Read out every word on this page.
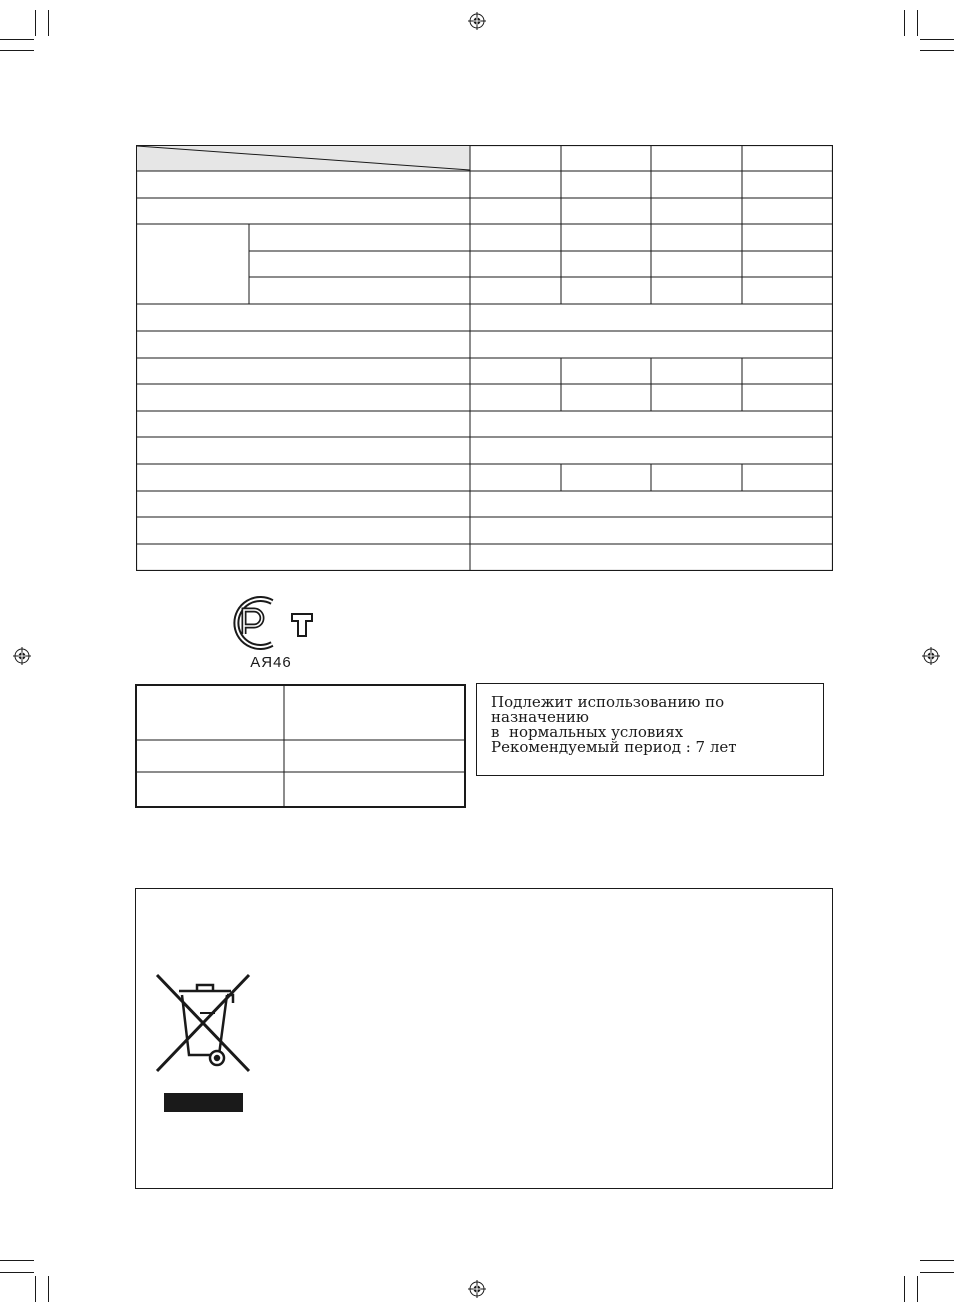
АЯ46
Подлежит использованию по
назначению
в  нормальных условиях
Рекомендуемый период : 7 лет
